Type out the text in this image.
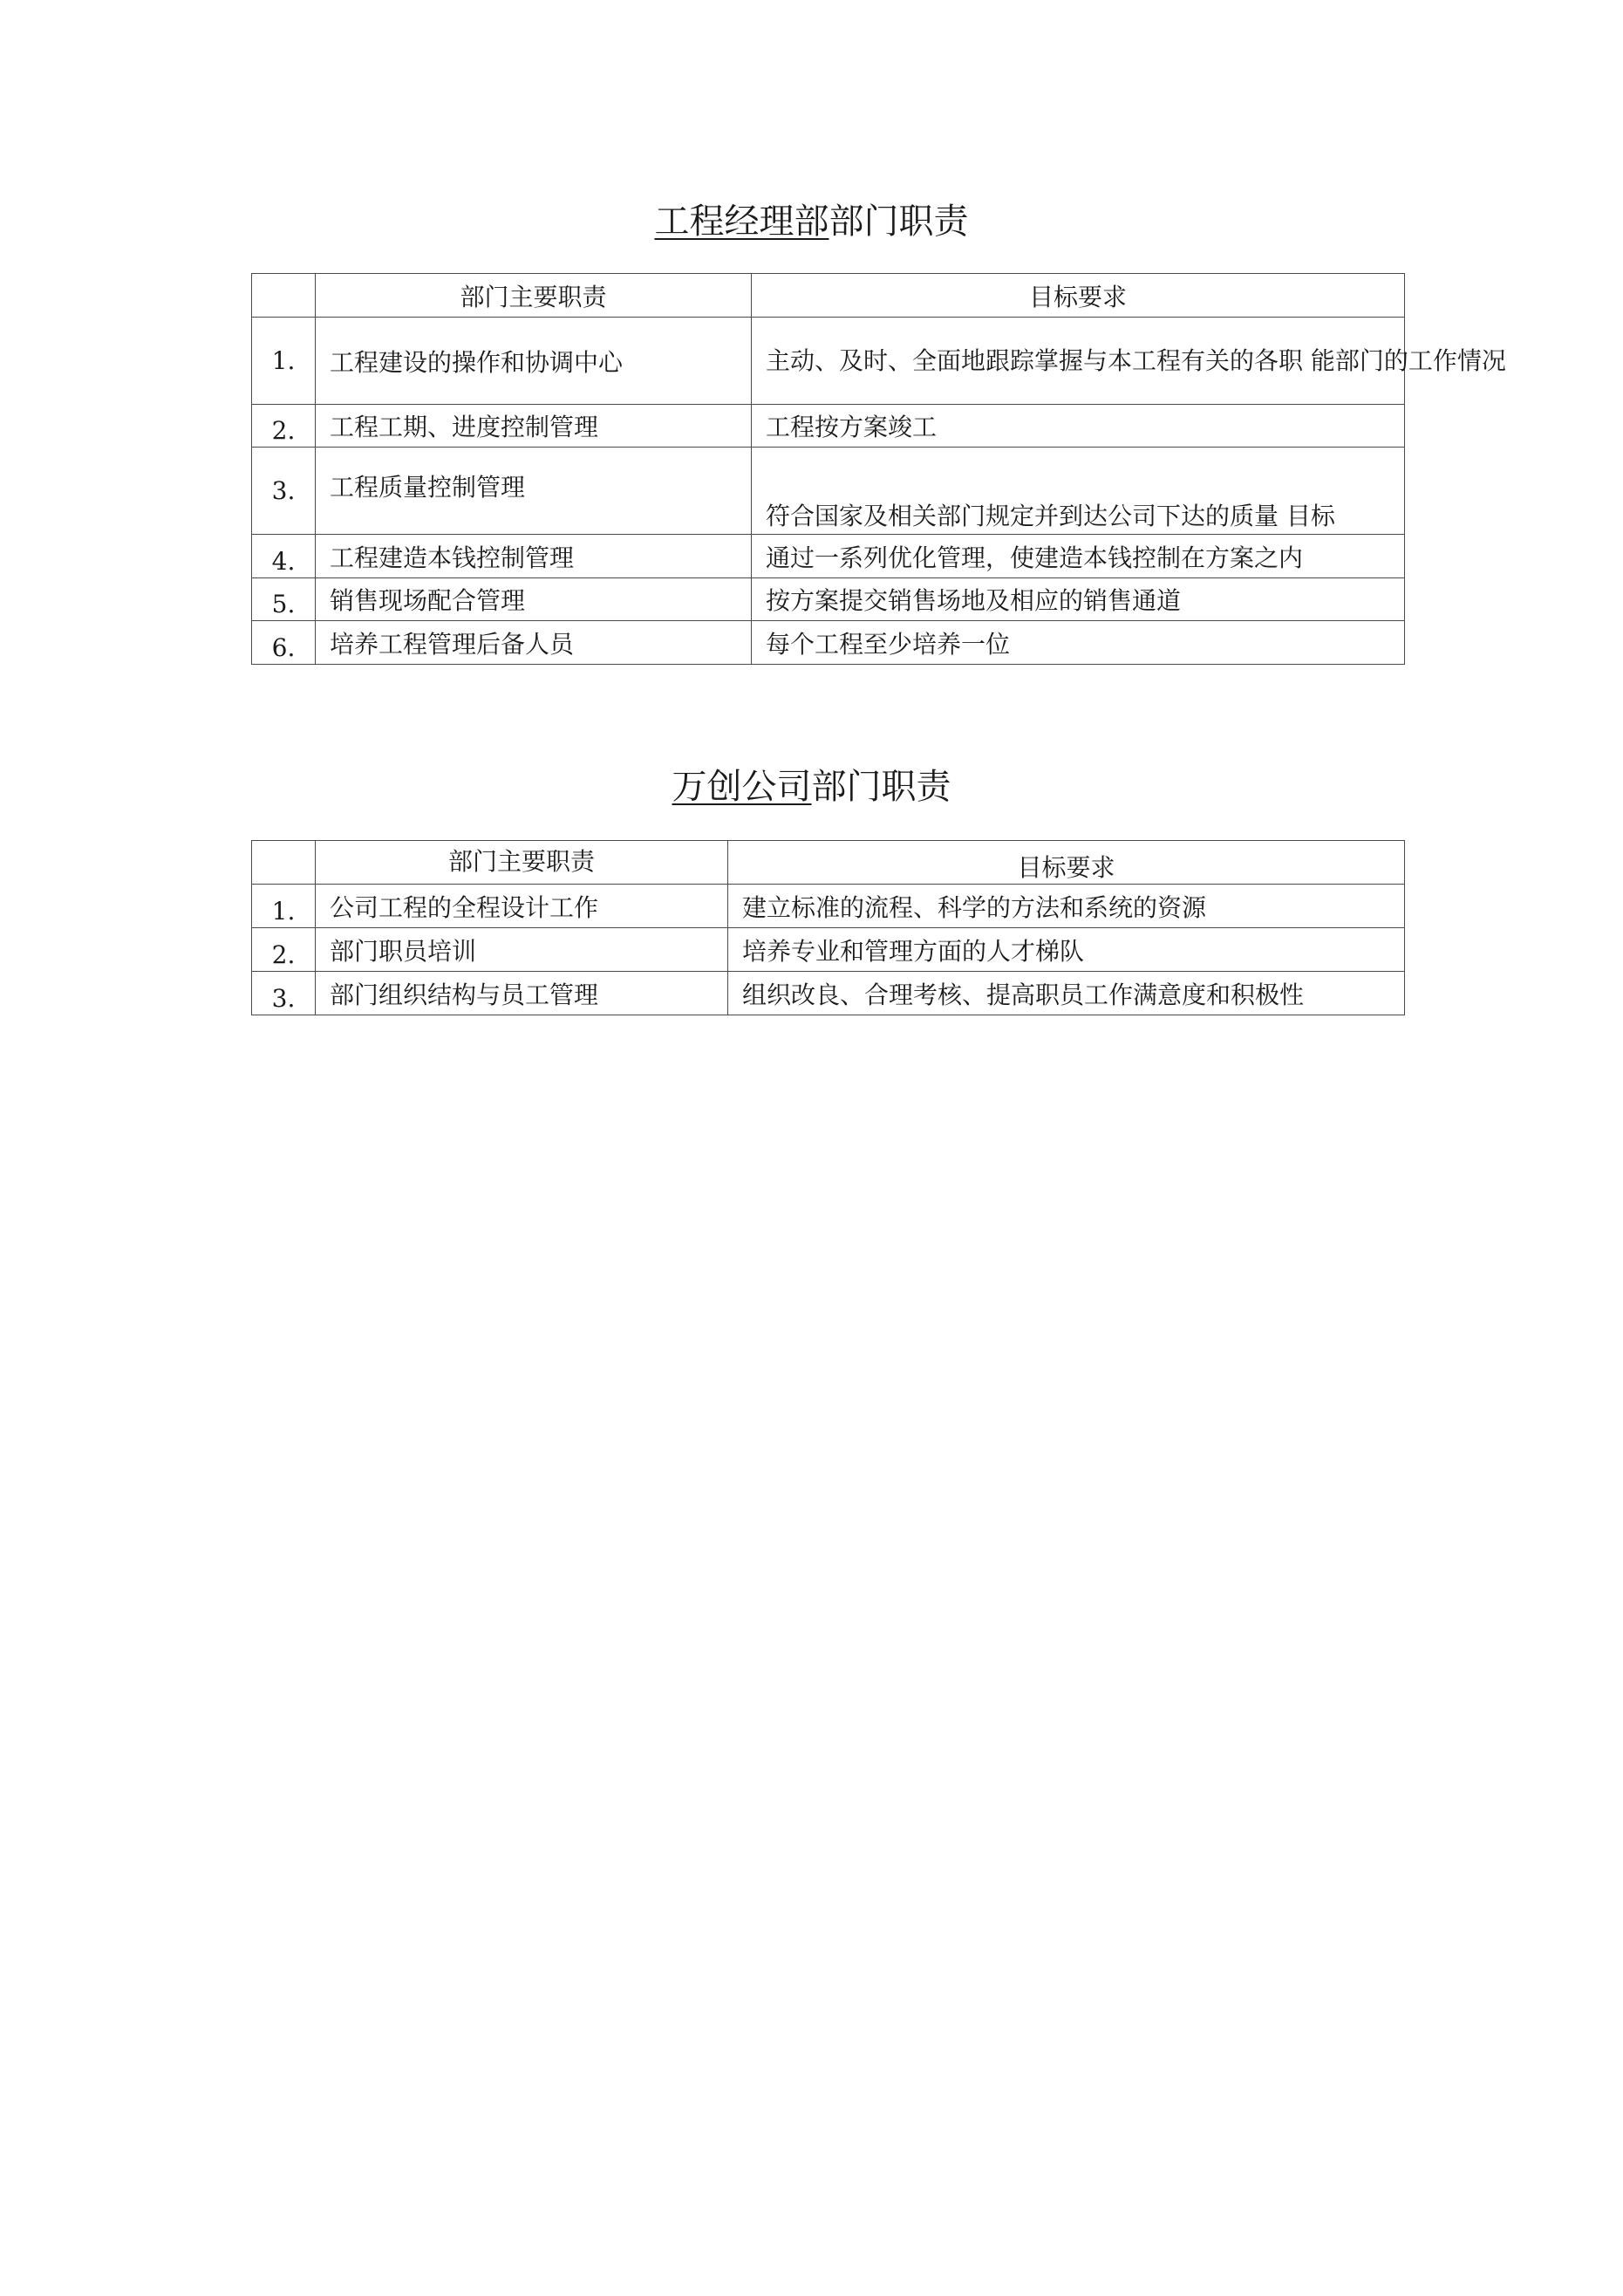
工程经理部部门职责
	部门主要职责	目标要求
1.	工程建设的操作和协调中心	主动、及时、全面地跟踪掌握与本工程有关的各职 能部门的工作情况
2.	工程工期、进度控制管理	工程按方案竣工
3.	工程质量控制管理	符合国家及相关部门规定并到达公司下达的质量 目标
4.	工程建造本钱控制管理	通过一系列优化管理，使建造本钱控制在方案之内
5.	销售现场配合管理	按方案提交销售场地及相应的销售通道
6.	培养工程管理后备人员	每个工程至少培养一位
万创公司部门职责
	部门主要职责	目标要求
1.	公司工程的全程设计工作	建立标准的流程、科学的方法和系统的资源
2.	部门职员培训	培养专业和管理方面的人才梯队
3.	部门组织结构与员工管理	组织改良、合理考核、提高职员工作满意度和积极性
